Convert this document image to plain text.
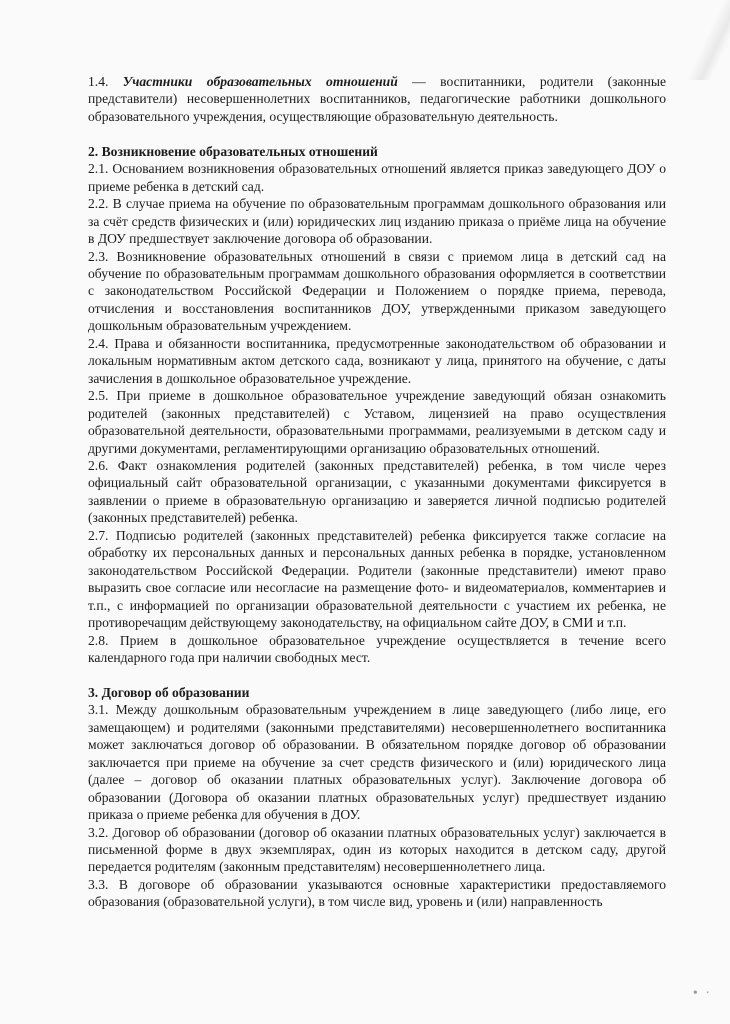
1.4. Участники образовательных отношений — воспитанники, родители (законные представители) несовершеннолетних воспитанников, педагогические работники дошкольного образовательного учреждения, осуществляющие образовательную деятельность.

2. Возникновение образовательных отношений

2.1. Основанием возникновения образовательных отношений является приказ заведующего ДОУ о приеме ребенка в детский сад.

2.2. В случае приема на обучение по образовательным программам дошкольного образования или за счёт средств физических и (или) юридических лиц изданию приказа о приёме лица на обучение в ДОУ предшествует заключение договора об образовании.

2.3. Возникновение образовательных отношений в связи с приемом лица в детский сад на обучение по образовательным программам дошкольного образования оформляется в соответствии с законодательством Российской Федерации и Положением о порядке приема, перевода, отчисления и восстановления воспитанников ДОУ, утвержденными приказом заведующего дошкольным образовательным учреждением.

2.4. Права и обязанности воспитанника, предусмотренные законодательством об образовании и локальным нормативным актом детского сада, возникают у лица, принятого на обучение, с даты зачисления в дошкольное образовательное учреждение.

2.5. При приеме в дошкольное образовательное учреждение заведующий обязан ознакомить родителей (законных представителей) с Уставом, лицензией на право осуществления образовательной деятельности, образовательными программами, реализуемыми в детском саду и другими документами, регламентирующими организацию образовательных отношений.

2.6. Факт ознакомления родителей (законных представителей) ребенка, в том числе через официальный сайт образовательной организации, с указанными документами фиксируется в заявлении о приеме в образовательную организацию и заверяется личной подписью родителей (законных представителей) ребенка.

2.7. Подписью родителей (законных представителей) ребенка фиксируется также согласие на обработку их персональных данных и персональных данных ребенка в порядке, установленном законодательством Российской Федерации. Родители (законные представители) имеют право выразить свое согласие или несогласие на размещение фото- и видеоматериалов, комментариев и т.п., с информацией по организации образовательной деятельности с участием их ребенка, не противоречащим действующему законодательству, на официальном сайте ДОУ, в СМИ и т.п.

2.8. Прием в дошкольное образовательное учреждение осуществляется в течение всего календарного года при наличии свободных мест.

3. Договор об образовании

3.1. Между дошкольным образовательным учреждением в лице заведующего (либо лице, его замещающем) и родителями (законными представителями) несовершеннолетнего воспитанника может заключаться договор об образовании. В обязательном порядке договор об образовании заключается при приеме на обучение за счет средств физического и (или) юридического лица (далее – договор об оказании платных образовательных услуг). Заключение договора об образовании (Договора об оказании платных образовательных услуг) предшествует изданию приказа о приеме ребенка для обучения в ДОУ.

3.2. Договор об образовании (договор об оказании платных образовательных услуг) заключается в письменной форме в двух экземплярах, один из которых находится в детском саду, другой передается родителям (законным представителям) несовершеннолетнего лица.

3.3. В договоре об образовании указываются основные характеристики предоставляемого образования (образовательной услуги), в том числе вид, уровень и (или) направленность

• ·
